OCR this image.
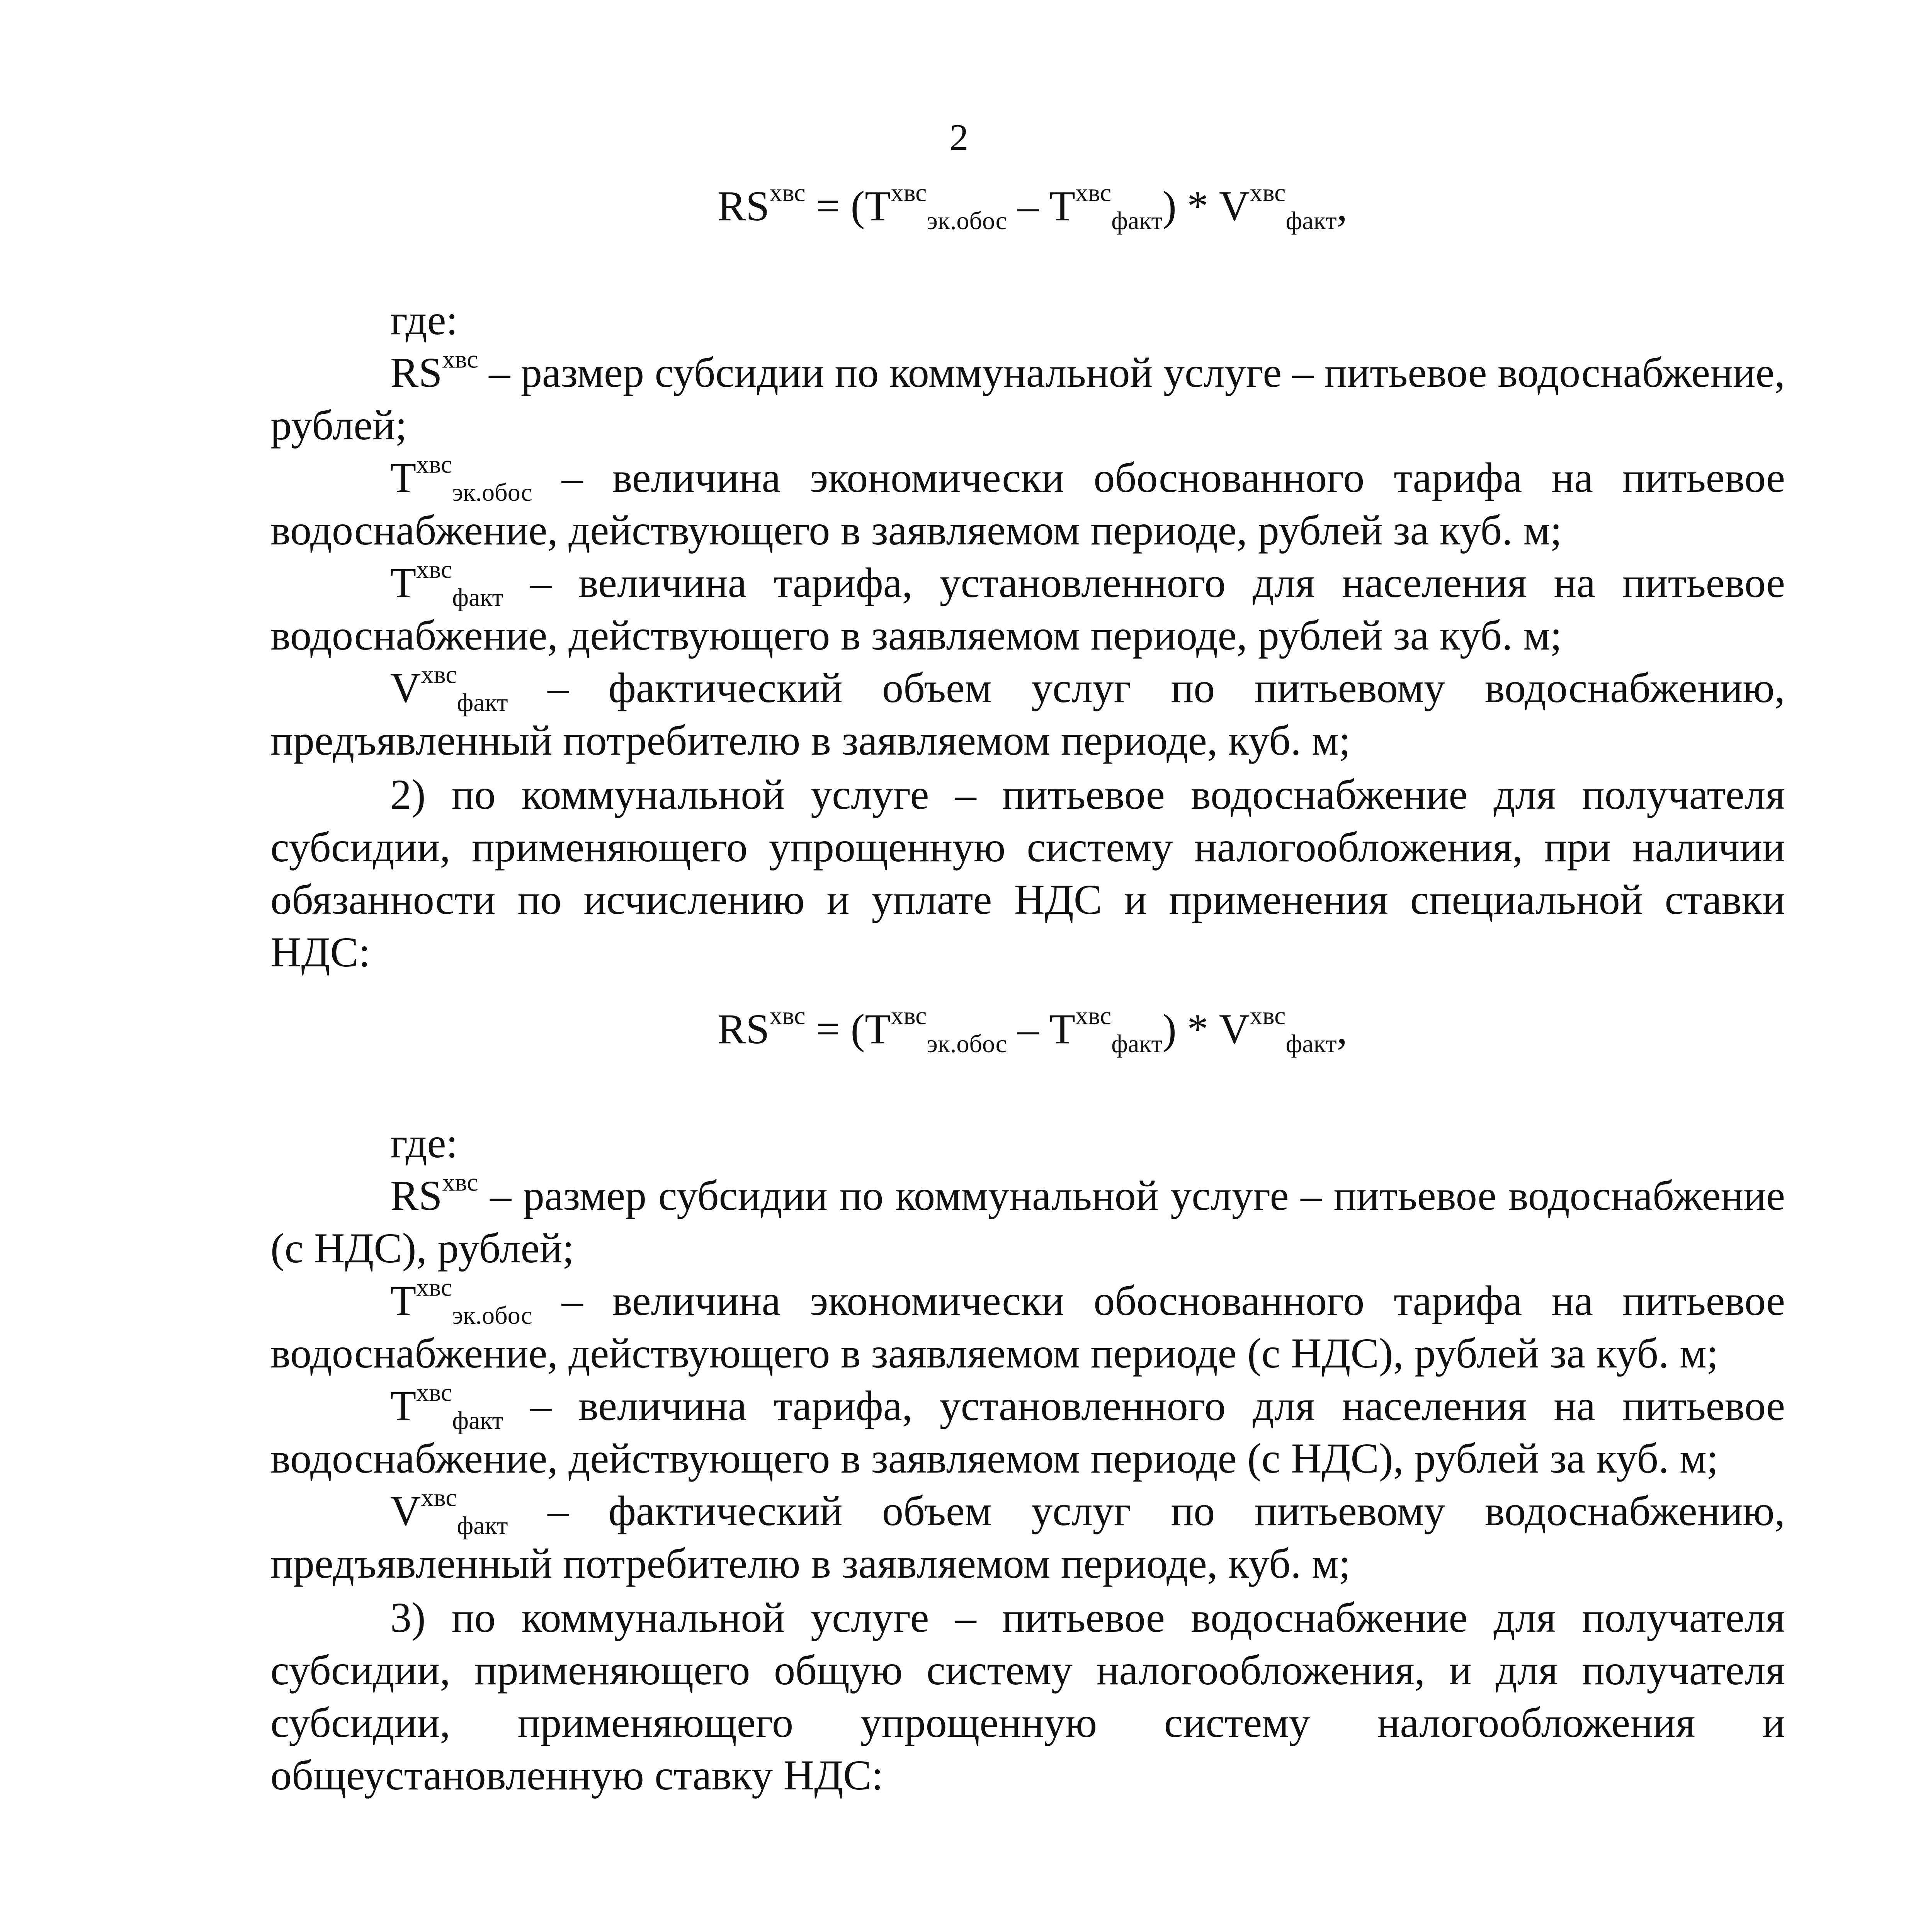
2
$RS^{хвс} = (T^{хвс}_{эк.обос} - T^{хвс}_{факт}) * V^{хвс}_{факт}$,

где:

$RS^{хвс}$ – размер субсидии по коммунальной услуге – питьевое водоснабжение, рублей;

$T^{хвс}_{эк.обос}$ – величина экономически обоснованного тарифа на питьевое водоснабжение, действующего в заявляемом периоде, рублей за куб. м;

$T^{хвс}_{факт}$ – величина тарифа, установленного для населения на питьевое водоснабжение, действующего в заявляемом периоде, рублей за куб. м;

$V^{хвс}_{факт}$ – фактический объем услуг по питьевому водоснабжению, предъявленный потребителю в заявляемом периоде, куб. м;

2) по коммунальной услуге – питьевое водоснабжение для получателя субсидии, применяющего упрощенную систему налогообложения, при наличии обязанности по исчислению и уплате НДС и применения специальной ставки НДС:

$RS^{хвс} = (T^{хвс}_{эк.обос} - T^{хвс}_{факт}) * V^{хвс}_{факт}$,

где:

$RS^{хвс}$ – размер субсидии по коммунальной услуге – питьевое водоснабжение (с НДС), рублей;

$T^{хвс}_{эк.обос}$ – величина экономически обоснованного тарифа на питьевое водоснабжение, действующего в заявляемом периоде (с НДС), рублей за куб. м;

$T^{хвс}_{факт}$ – величина тарифа, установленного для населения на питьевое водоснабжение, действующего в заявляемом периоде (с НДС), рублей за куб. м;

$V^{хвс}_{факт}$ – фактический объем услуг по питьевому водоснабжению, предъявленный потребителю в заявляемом периоде, куб. м;

3) по коммунальной услуге – питьевое водоснабжение для получателя субсидии, применяющего общую систему налогообложения, и для получателя субсидии, применяющего упрощенную систему налогообложения и общеустановленную ставку НДС:
